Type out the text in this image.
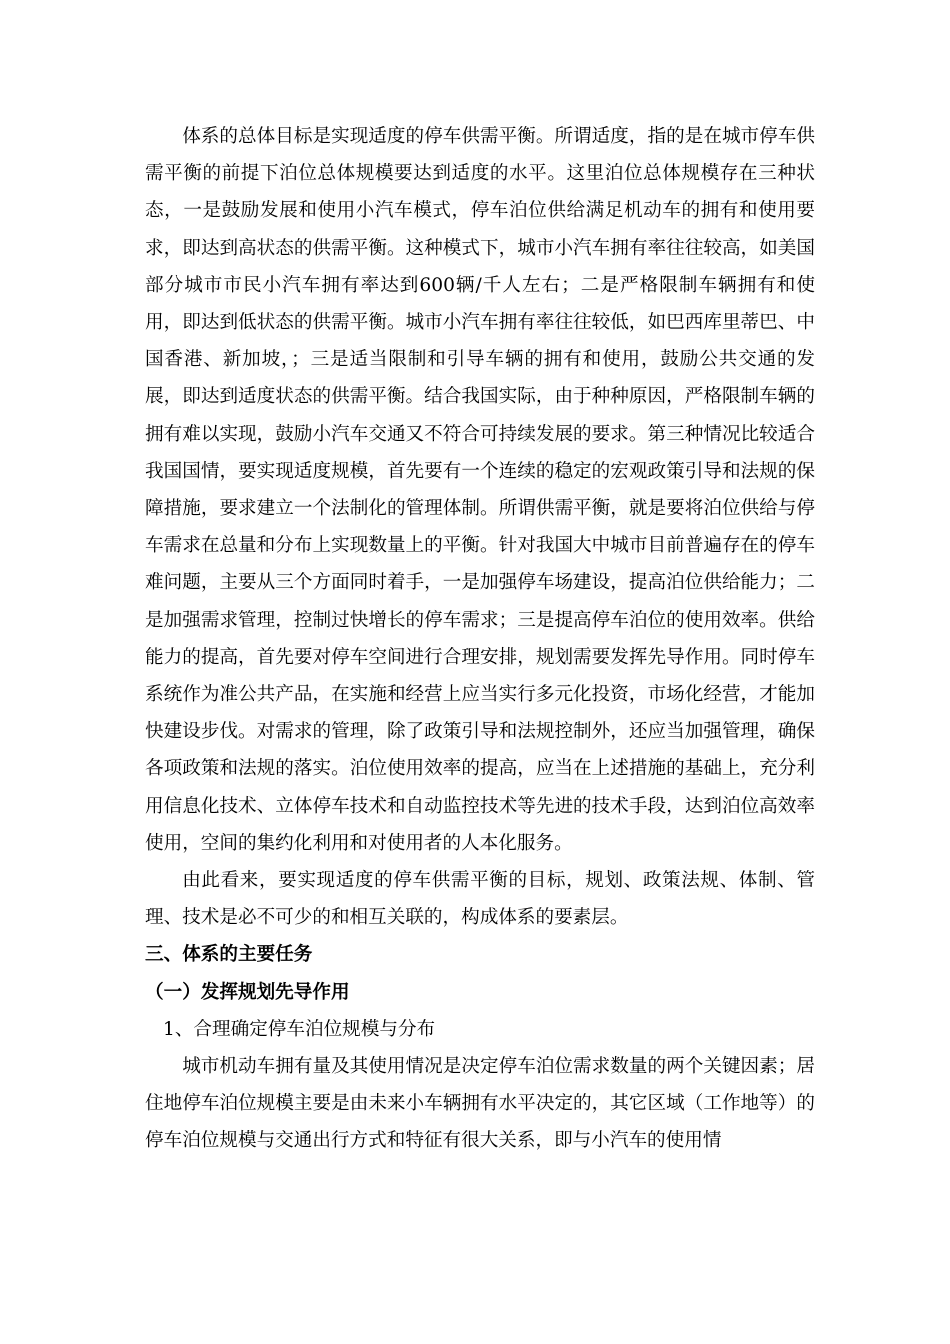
体系的总体目标是实现适度的停车供需平衡。所谓适度，指的是在城市停车供需平衡的前提下泊位总体规模要达到适度的水平。这里泊位总体规模存在三种状态，一是鼓励发展和使用小汽车模式，停车泊位供给满足机动车的拥有和使用要求，即达到高状态的供需平衡。这种模式下，城市小汽车拥有率往往较高，如美国部分城市市民小汽车拥有率达到600辆/千人左右；二是严格限制车辆拥有和使用，即达到低状态的供需平衡。城市小汽车拥有率往往较低，如巴西库里蒂巴、中国香港、新加坡，；三是适当限制和引导车辆的拥有和使用，鼓励公共交通的发展，即达到适度状态的供需平衡。结合我国实际，由于种种原因，严格限制车辆的拥有难以实现，鼓励小汽车交通又不符合可持续发展的要求。第三种情况比较适合我国国情，要实现适度规模，首先要有一个连续的稳定的宏观政策引导和法规的保障措施，要求建立一个法制化的管理体制。所谓供需平衡，就是要将泊位供给与停车需求在总量和分布上实现数量上的平衡。针对我国大中城市目前普遍存在的停车难问题，主要从三个方面同时着手，一是加强停车场建设，提高泊位供给能力；二是加强需求管理，控制过快增长的停车需求；三是提高停车泊位的使用效率。供给能力的提高，首先要对停车空间进行合理安排，规划需要发挥先导作用。同时停车系统作为准公共产品，在实施和经营上应当实行多元化投资，市场化经营，才能加快建设步伐。对需求的管理，除了政策引导和法规控制外，还应当加强管理，确保各项政策和法规的落实。泊位使用效率的提高，应当在上述措施的基础上，充分利用信息化技术、立体停车技术和自动监控技术等先进的技术手段，达到泊位高效率使用，空间的集约化利用和对使用者的人本化服务。

由此看来，要实现适度的停车供需平衡的目标，规划、政策法规、体制、管理、技术是必不可少的和相互关联的，构成体系的要素层。

三、体系的主要任务

（一）发挥规划先导作用

1、合理确定停车泊位规模与分布

城市机动车拥有量及其使用情况是决定停车泊位需求数量的两个关键因素；居住地停车泊位规模主要是由未来小车辆拥有水平决定的，其它区域（工作地等）的停车泊位规模与交通出行方式和特征有很大关系，即与小汽车的使用情
